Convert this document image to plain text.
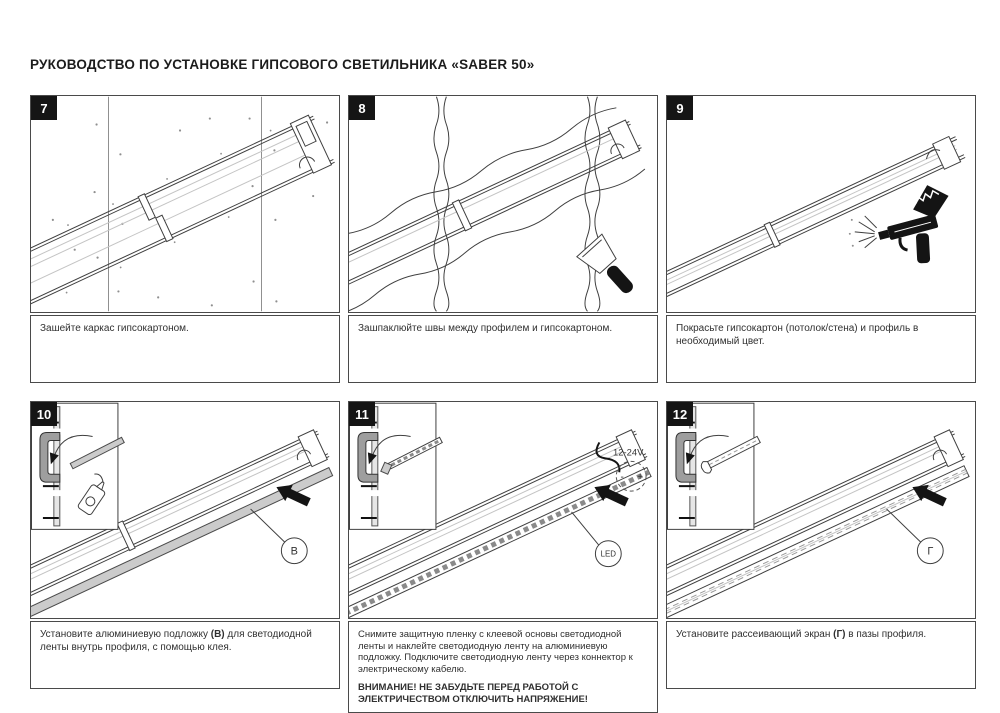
РУКОВОДСТВО ПО УСТАНОВКЕ ГИПСОВОГО СВЕТИЛЬНИКА «SABER 50»
7
Зашейте каркас гипсокартоном.
8
Зашпаклюйте швы между профилем и гипсокартоном.
9
Покрасьте гипсокартон (потолок/стена) и профиль в необходимый цвет.
10
В
Установите алюминиевую подложку (В) для светодиодной ленты внутрь профиля, с помощью клея.
11
12-24V
- +
LED
Снимите защитную пленку с клеевой основы светодиодной ленты и наклейте светодиодную ленту на алюминиевую подложку. Подключите светодиодную ленту через коннектор к электрическому кабелю.
ВНИМАНИЕ! НЕ ЗАБУДЬТЕ ПЕРЕД РАБОТОЙ С ЭЛЕКТРИЧЕСТВОМ ОТКЛЮЧИТЬ НАПРЯЖЕНИЕ!
12
Г
Установите рассеивающий экран (Г) в пазы профиля.
